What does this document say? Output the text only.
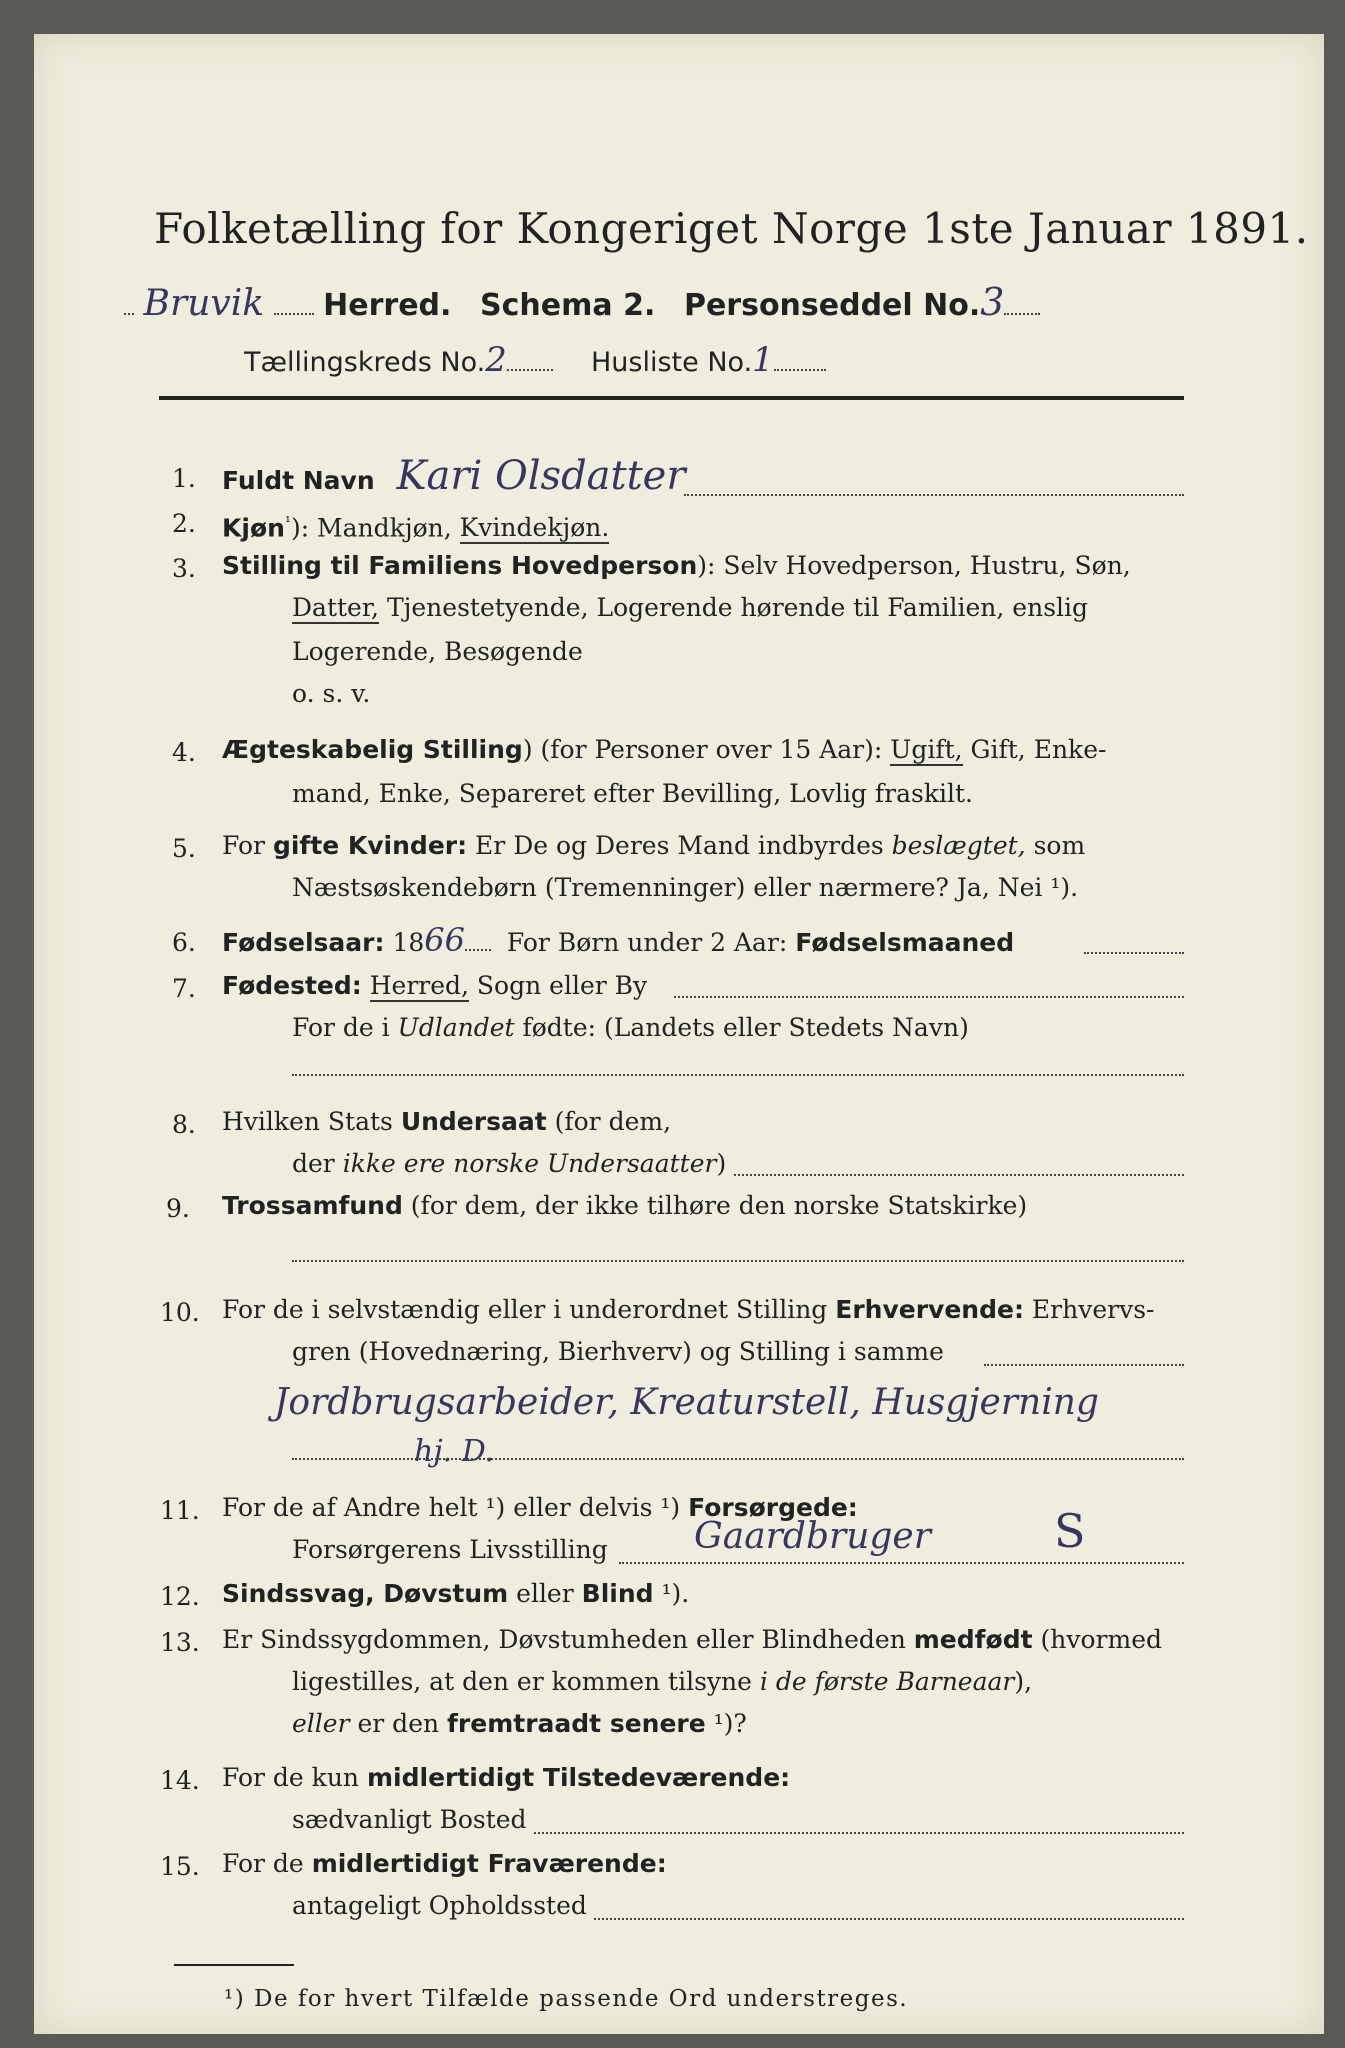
Folketælling for Kongeriget Norge 1ste Januar 1891.
Bruvik Herred. Schema 2. Personseddel No.3
Tællingskreds No.2	Husliste No.1
1. Fuldt Navn Kari Olsdatter
2. Kjøn$^{^1}$): Mandkjøn, Kvindekjøn.
3. Stilling til Familiens Hovedperson): Selv Hovedperson, Hustru, Søn,
Datter, Tjenestetyende, Logerende hørende til Familien, enslig
Logerende, Besøgende
o. s. v.
4. Ægteskabelig Stilling) (for Personer over 15 Aar): Ugift, Gift, Enke-
mand, Enke, Separeret efter Bevilling, Lovlig fraskilt.
5. For gifte Kvinder: Er De og Deres Mand indbyrdes beslægtet, som
Næstsøskendebørn (Tremenninger) eller nærmere? Ja, Nei ¹).
6. Fødselsaar: 1866 For Børn under 2 Aar: Fødselsmaaned
7. Fødested: Herred, Sogn eller By
For de i Udlandet fødte: (Landets eller Stedets Navn)
8. Hvilken Stats Undersaat (for dem,
der ikke ere norske Undersaatter)
9. Trossamfund (for dem, der ikke tilhøre den norske Statskirke)
10. For de i selvstændig eller i underordnet Stilling Erhvervende: Erhvervs-
gren (Hovednæring, Bierhverv) og Stilling i samme
Jordbrugsarbeider, Kreaturstell, Husgjerning
hj. D.
11. For de af Andre helt ¹) eller delvis ¹) Forsørgede:
Forsørgerens Livsstilling Gaardbruger	S
12. Sindssvag, Døvstum eller Blind ¹).
13. Er Sindssygdommen, Døvstumheden eller Blindheden medfødt (hvormed
ligestilles, at den er kommen tilsyne i de første Barneaar),
eller er den fremtraadt senere ¹)?
14. For de kun midlertidigt Tilstedeværende:
sædvanligt Bosted
15. For de midlertidigt Fraværende:
antageligt Opholdssted
¹) De for hvert Tilfælde passende Ord understreges.
